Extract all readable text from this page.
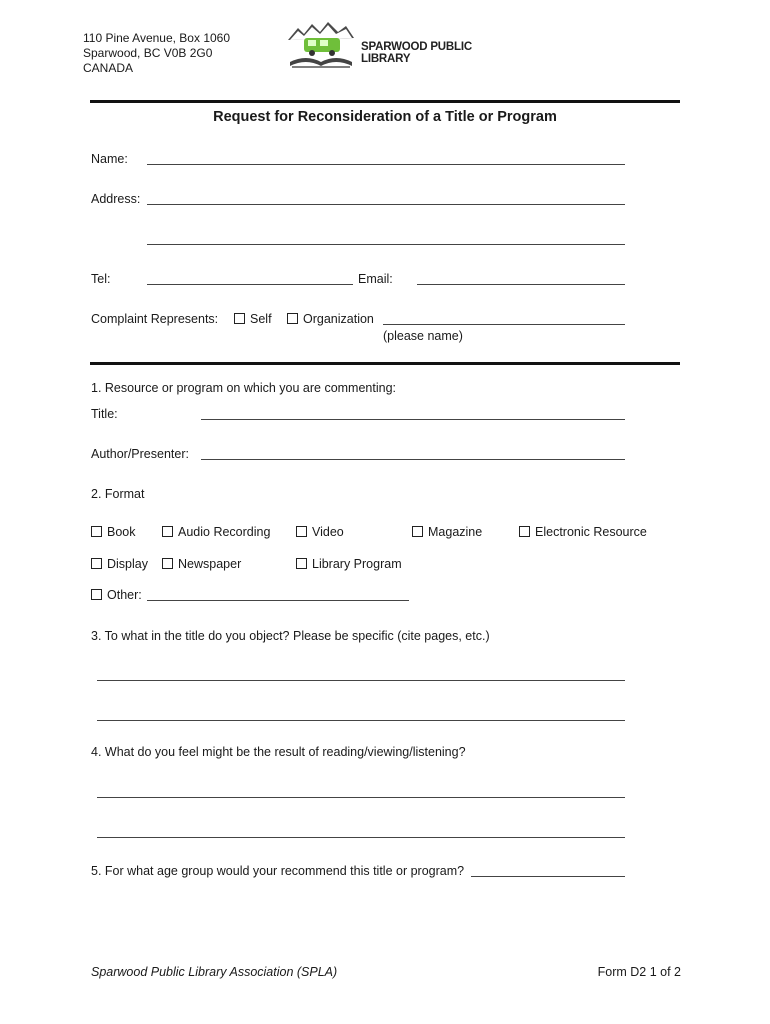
110 Pine Avenue, Box 1060
Sparwood, BC V0B 2G0
CANADA
SPARWOOD PUBLIC
LIBRARY
Request for Reconsideration of a Title or Program
Name:
Address:
Tel:	Email:
Complaint Represents:	Self	Organization
(please name)
1. Resource or program on which you are commenting:
Title:
Author/Presenter:
2. Format
Book	Audio Recording	Video	Magazine	Electronic Resource
Display	Newspaper	Library Program
Other:
3. To what in the title do you object? Please be specific (cite pages, etc.)
4. What do you feel might be the result of reading/viewing/listening?
5. For what age group would your recommend this title or program?
Sparwood Public Library Association (SPLA)	Form D2 1 of 2
